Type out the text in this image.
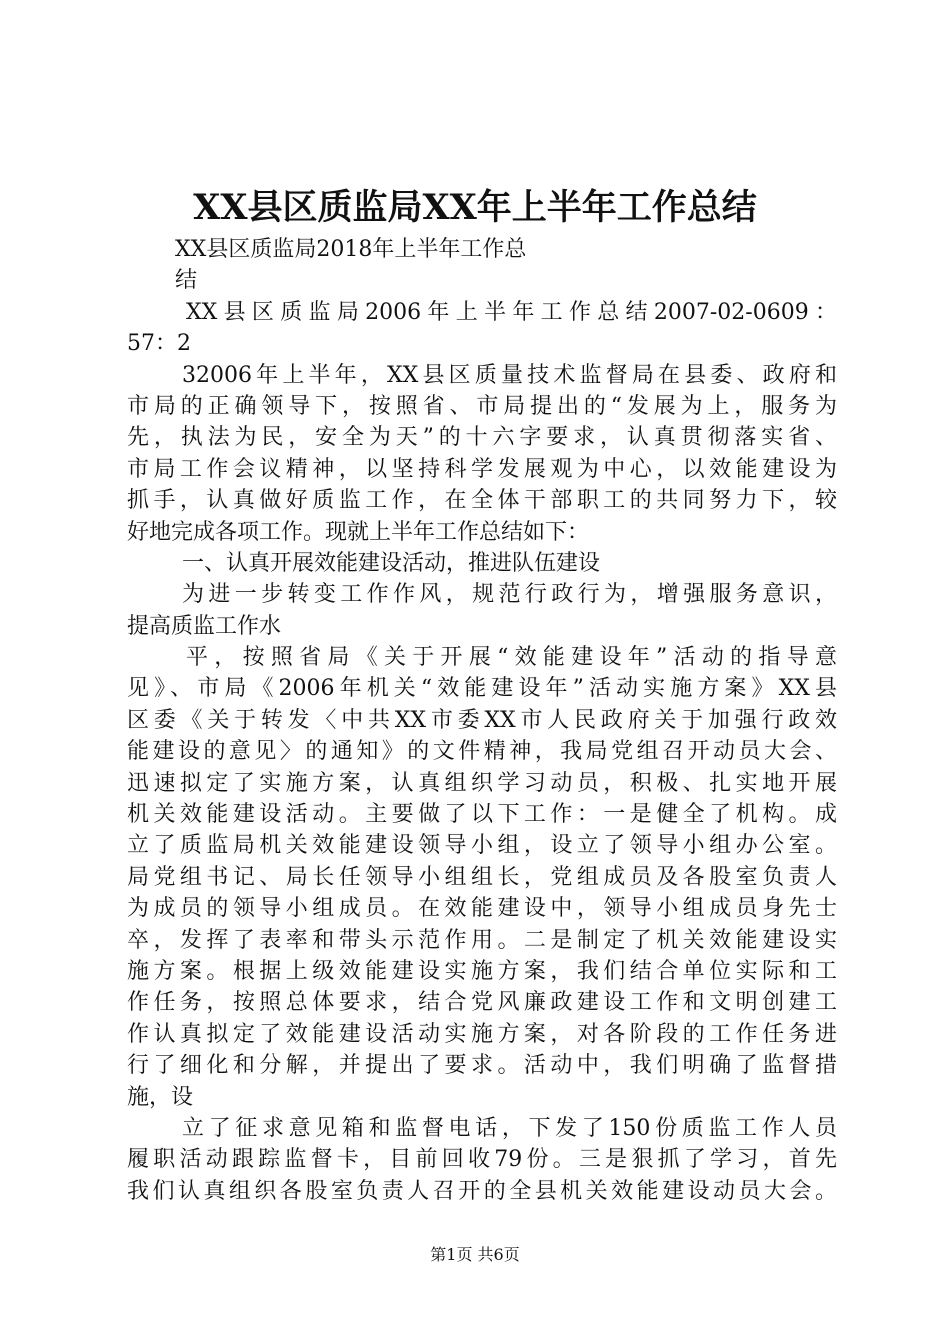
XX县区质监局XX年上半年工作总结
XX县区质监局2018年上半年工作总
结
XX县区质监局2006年上半年工作总结2007-02-0609：
57：2
32006年上半年，XX县区质量技术监督局在县委、政府和
市局的正确领导下，按照省、市局提出的“发展为上，服务为
先，执法为民，安全为天”的十六字要求，认真贯彻落实省、
市局工作会议精神，以坚持科学发展观为中心，以效能建设为
抓手，认真做好质监工作，在全体干部职工的共同努力下，较
好地完成各项工作。现就上半年工作总结如下：
一、认真开展效能建设活动，推进队伍建设
为进一步转变工作作风，规范行政行为，增强服务意识，
提高质监工作水
平，按照省局《关于开展“效能建设年”活动的指导意
见》、市局《2006年机关“效能建设年”活动实施方案》XX县
区委《关于转发〈中共XX市委XX市人民政府关于加强行政效
能建设的意见〉的通知》的文件精神，我局党组召开动员大会、
迅速拟定了实施方案，认真组织学习动员，积极、扎实地开展
机关效能建设活动。主要做了以下工作：一是健全了机构。成
立了质监局机关效能建设领导小组，设立了领导小组办公室。
局党组书记、局长任领导小组组长，党组成员及各股室负责人
为成员的领导小组成员。在效能建设中，领导小组成员身先士
卒，发挥了表率和带头示范作用。二是制定了机关效能建设实
施方案。根据上级效能建设实施方案，我们结合单位实际和工
作任务，按照总体要求，结合党风廉政建设工作和文明创建工
作认真拟定了效能建设活动实施方案，对各阶段的工作任务进
行了细化和分解，并提出了要求。活动中，我们明确了监督措
施，设
立了征求意见箱和监督电话，下发了150份质监工作人员
履职活动跟踪监督卡，目前回收79份。三是狠抓了学习，首先
我们认真组织各股室负责人召开的全县机关效能建设动员大会。
第1页 共6页
